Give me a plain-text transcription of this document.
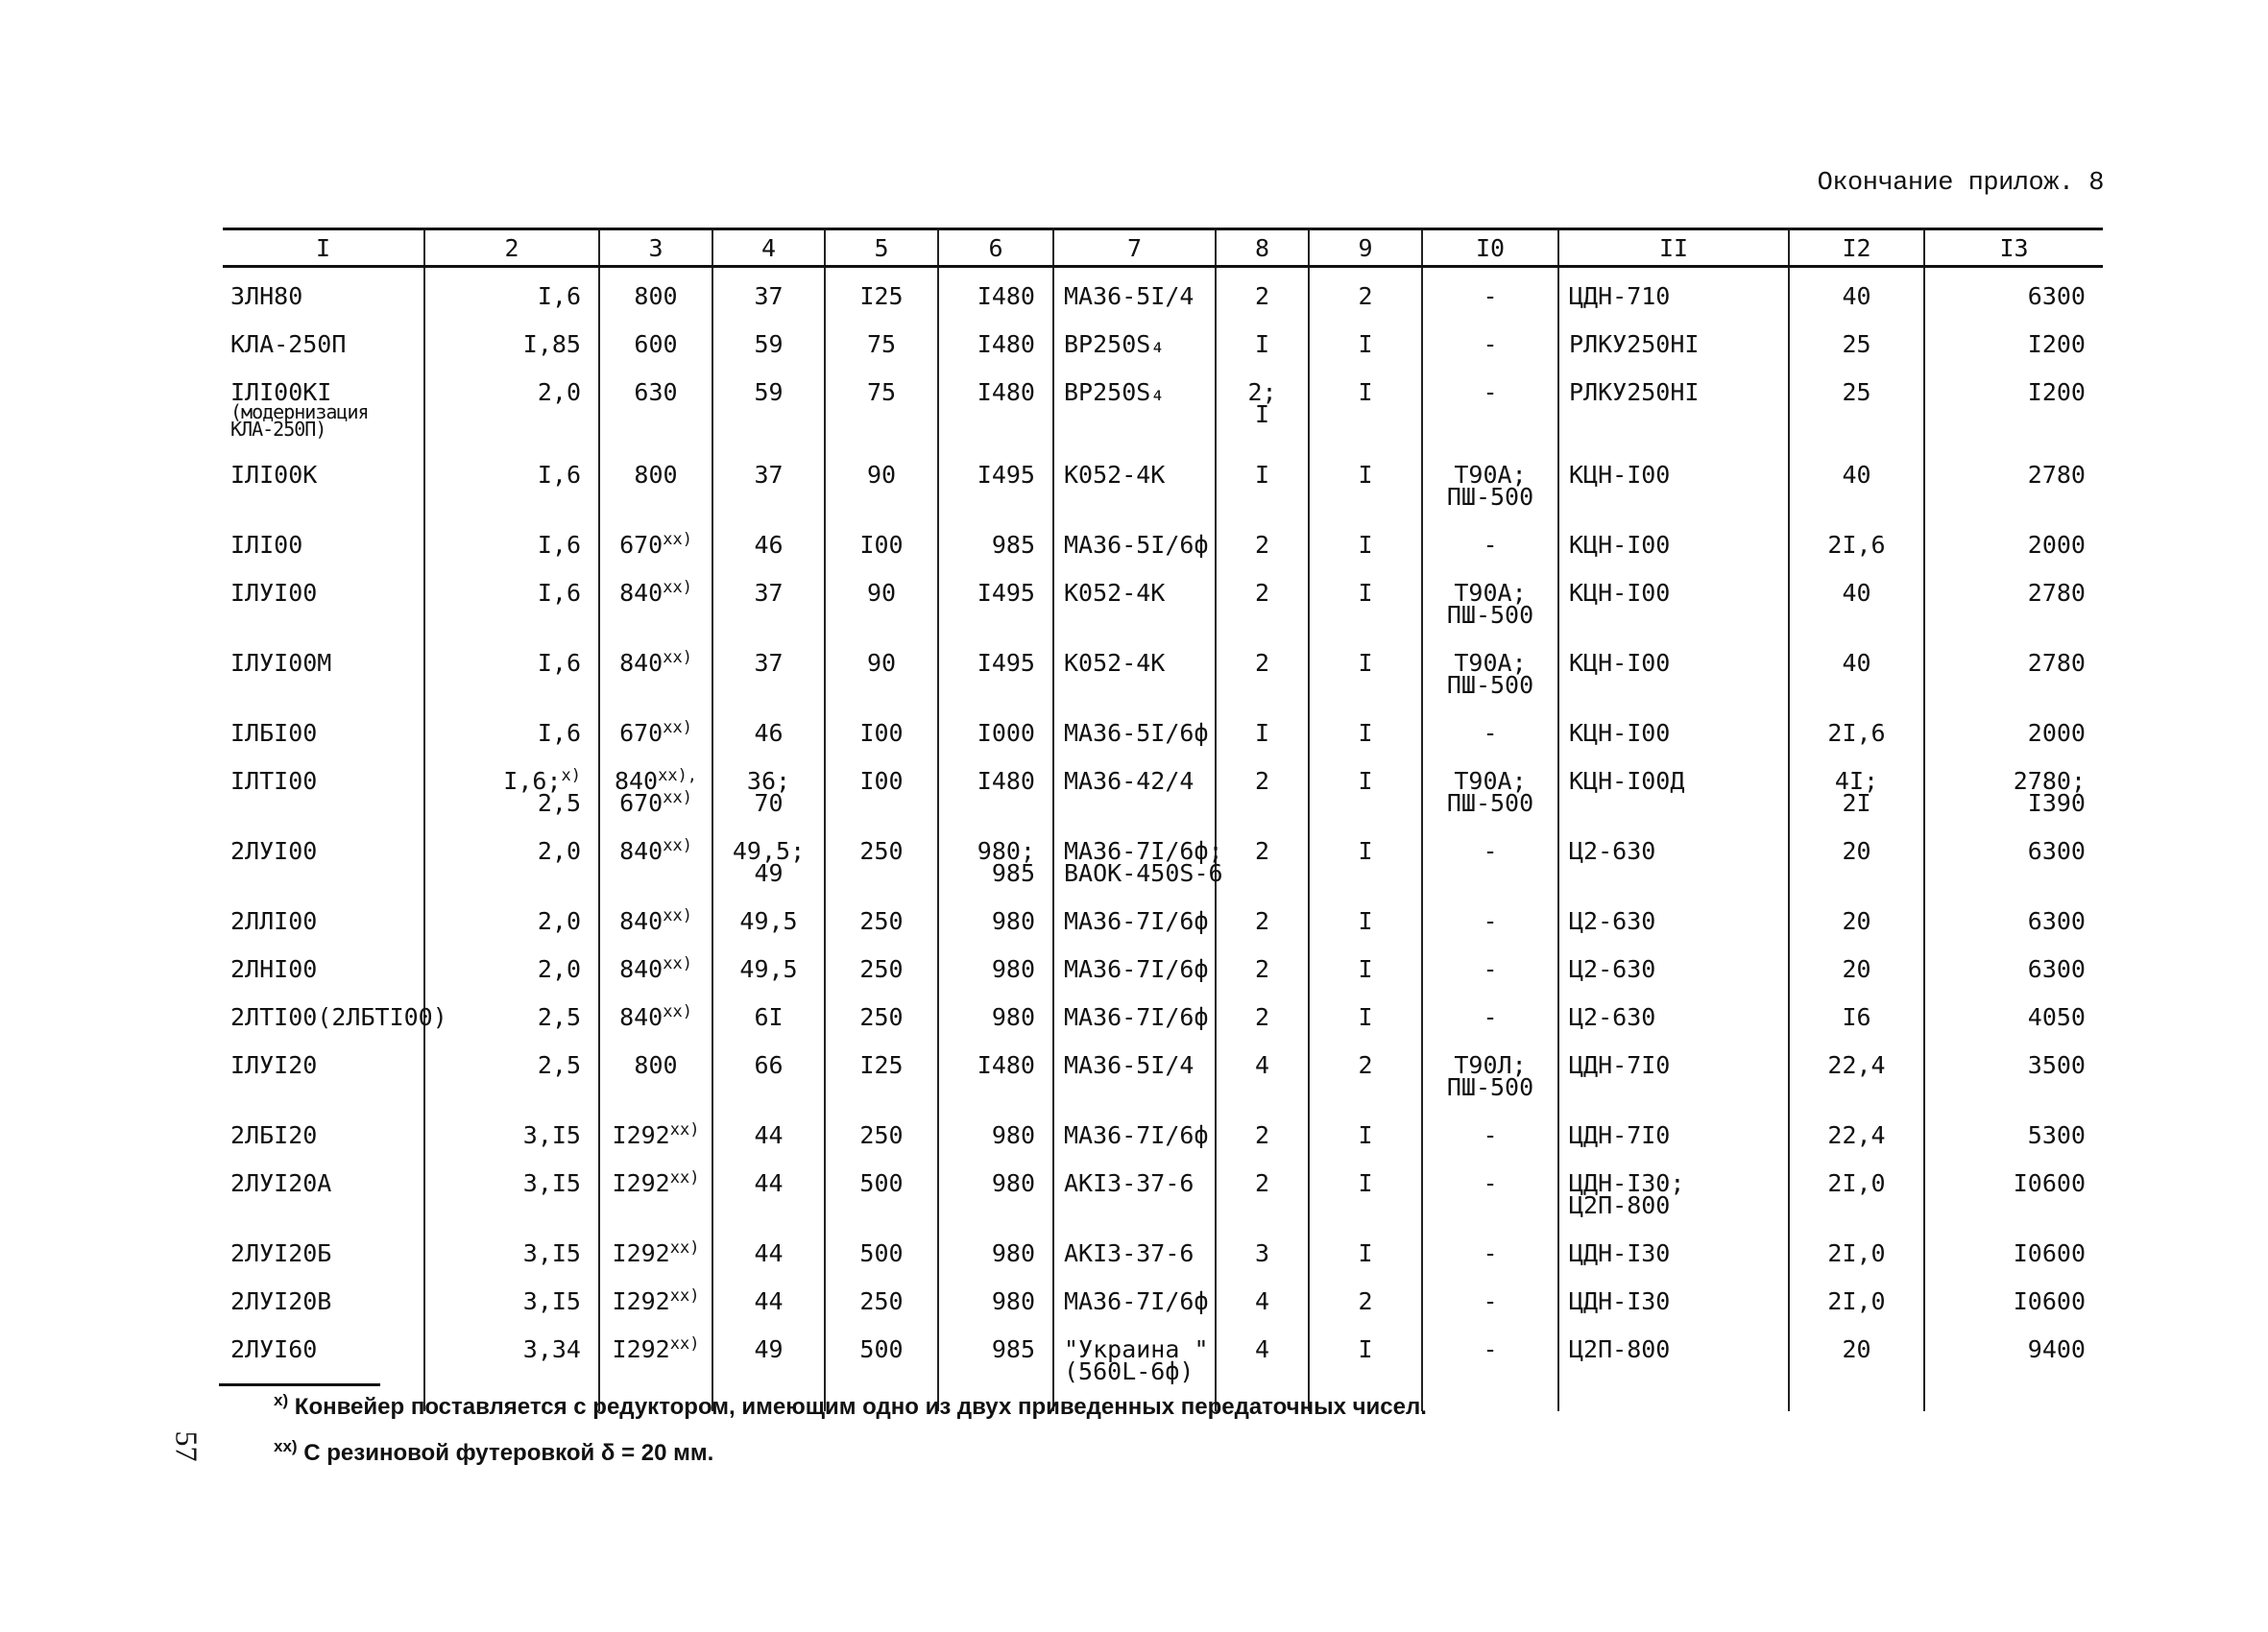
Окончание прилож. 8
I	2	3	4	5	6	7	8	9	I0	II	I2	I3

3ЛН80	I,6	800	37	I25	I480	МА36-5I/4	2	2	-	ЦДН-710	40	6300

КЛА-250П	I,85	600	59	75	I480	ВР250S₄	I	I	-	РЛКУ250НI	25	I200

IЛI00КI
(модернизация
КЛА-250П)	2,0	630	59	75	I480	ВР250S₄	2;
I	I	-	РЛКУ250НI	25	I200

IЛI00К	I,6	800	37	90	I495	К052-4К	I	I	Т90А;
ПШ-500	КЦН-I00	40	2780

IЛI00	I,6	670$^{xx)}$	46	I00	985	МА36-5I/6ф	2	I	-	КЦН-I00	2I,6	2000

IЛУI00	I,6	840$^{xx)}$	37	90	I495	К052-4К	2	I	Т90А;
ПШ-500	КЦН-I00	40	2780

IЛУI00М	I,6	840$^{xx)}$	37	90	I495	К052-4К	2	I	Т90А;
ПШ-500	КЦН-I00	40	2780

IЛБI00	I,6	670$^{xx)}$	46	I00	I000	МА36-5I/6ф	I	I	-	КЦН-I00	2I,6	2000

IЛТI00	I,6;$^{x)}$
2,5	$840^{xx),}$
670$^{xx)}$	36;
70	I00	I480	МА36-42/4	2	I	Т90А;
ПШ-500	КЦН-I00Д	4I;
2I	2780;
I390

2ЛУI00	2,0	840$^{xx)}$	49,5;
49	250	980;
985	МА36-7I/6ф;
ВАОК-450S-6	2	I	-	Ц2-630	20	6300

2ЛЛI00	2,0	840$^{xx)}$	49,5	250	980	МА36-7I/6ф	2	I	-	Ц2-630	20	6300

2ЛНI00	2,0	840$^{xx)}$	49,5	250	980	МА36-7I/6ф	2	I	-	Ц2-630	20	6300

2ЛТI00(2ЛБТI00)	2,5	840$^{xx)}$	6I	250	980	МА36-7I/6ф	2	I	-	Ц2-630	I6	4050

IЛУI20	2,5	800	66	I25	I480	МА36-5I/4	4	2	Т90Л;
ПШ-500	ЦДН-7I0	22,4	3500

2ЛБI20	3,I5	I292$^{xx)}$	44	250	980	МА36-7I/6ф	2	I	-	ЦДН-7I0	22,4	5300

2ЛУI20А	3,I5	I292$^{xx)}$	44	500	980	АКI3-37-6	2	I	-	ЦДН-I30;
Ц2П-800	2I,0	I0600

2ЛУI20Б	3,I5	I292$^{xx)}$	44	500	980	АКI3-37-6	3	I	-	ЦДН-I30	2I,0	I0600

2ЛУI20В	3,I5	I292$^{xx)}$	44	250	980	МА36-7I/6ф	4	2	-	ЦДН-I30	2I,0	I0600

2ЛУI60	3,34	I292$^{xx)}$	49	500	985	"Украина "
(560L-6ф)	4	I	-	Ц2П-800	20	9400
$^{x)}$ Конвейер поставляется с редуктором, имеющим одно из двух приведенных передаточных чисел.
$^{xx)}$ С резиновой футеровкой δ = 20 мм.
57
